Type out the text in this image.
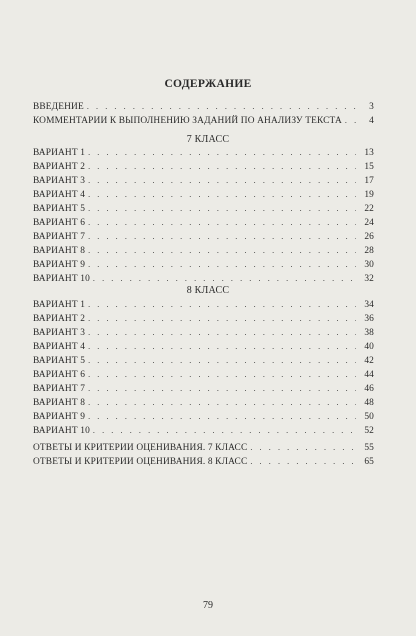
СОДЕРЖАНИЕ
ВВЕДЕНИЕ . . .	3
КОММЕНТАРИИ К ВЫПОЛНЕНИЮ ЗАДАНИЙ ПО АНАЛИЗУ ТЕКСТА . . .	4
7 КЛАСС
ВАРИАНТ 1 . . .	13
ВАРИАНТ 2 . . .	15
ВАРИАНТ 3 . . .	17
ВАРИАНТ 4 . . .	19
ВАРИАНТ 5 . . .	22
ВАРИАНТ 6 . . .	24
ВАРИАНТ 7 . . .	26
ВАРИАНТ 8 . . .	28
ВАРИАНТ 9 . . .	30
ВАРИАНТ 10 . . .	32
8 КЛАСС
ВАРИАНТ 1 . . .	34
ВАРИАНТ 2 . . .	36
ВАРИАНТ 3 . . .	38
ВАРИАНТ 4 . . .	40
ВАРИАНТ 5 . . .	42
ВАРИАНТ 6 . . .	44
ВАРИАНТ 7 . . .	46
ВАРИАНТ 8 . . .	48
ВАРИАНТ 9 . . .	50
ВАРИАНТ 10 . . .	52
ОТВЕТЫ И КРИТЕРИИ ОЦЕНИВАНИЯ. 7 КЛАСС . . .	55
ОТВЕТЫ И КРИТЕРИИ ОЦЕНИВАНИЯ. 8 КЛАСС . . .	65
79
